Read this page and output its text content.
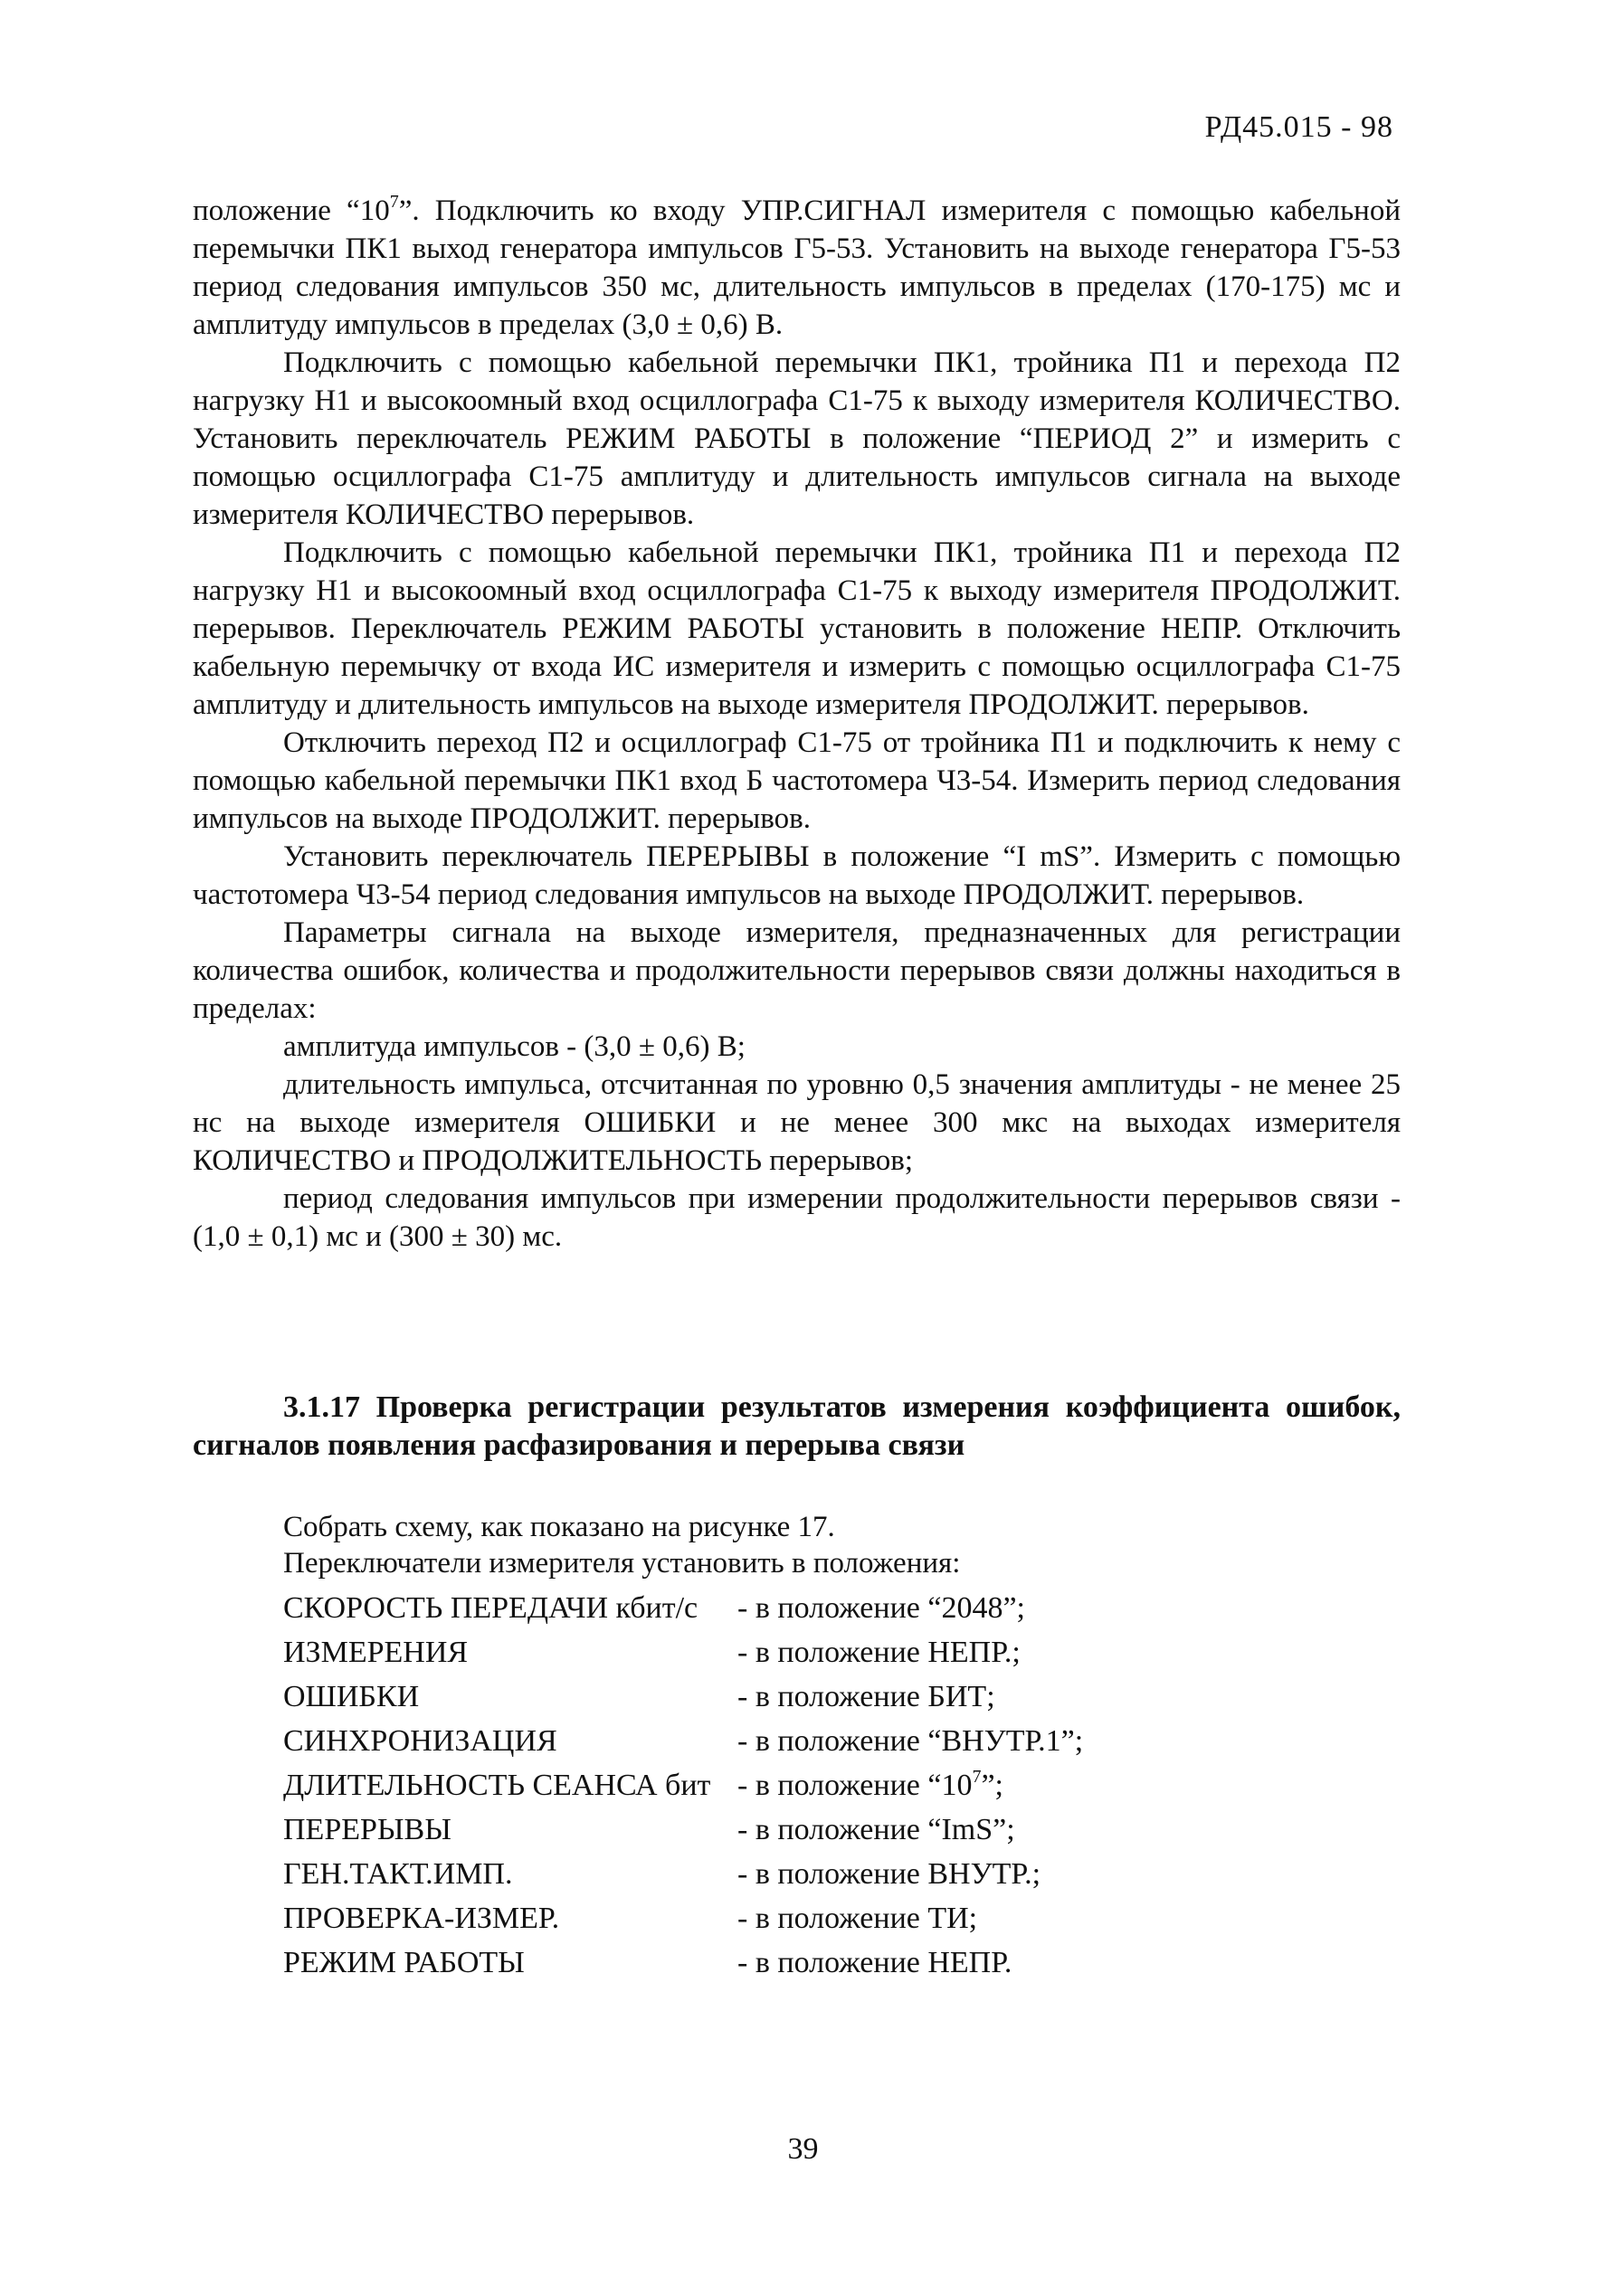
РД45.015 - 98

положение “$10^7$”. Подключить ко входу УПР.СИГНАЛ измерителя с помощью кабельной перемычки ПК1 выход генератора импульсов Г5-53. Установить на выходе генератора Г5-53 период следования импульсов 350 мс, длительность импульсов в пределах (170-175) мс и амплитуду импульсов в пределах (3,0 ± 0,6) В.

Подключить с помощью кабельной перемычки ПК1, тройника П1 и перехода П2 нагрузку Н1 и высокоомный вход осциллографа С1-75 к выходу измерителя КОЛИЧЕСТВО. Установить переключатель РЕЖИМ РАБОТЫ в положение “ПЕРИОД 2” и измерить с помощью осциллографа С1-75 амплитуду и длительность импульсов сигнала на выходе измерителя КОЛИЧЕСТВО перерывов.

Подключить с помощью кабельной перемычки ПК1, тройника П1 и перехода П2 нагрузку Н1 и высокоомный вход осциллографа С1-75 к выходу измерителя ПРОДОЛЖИТ. перерывов. Переключатель РЕЖИМ РАБОТЫ установить в положение НЕПР. Отключить кабельную перемычку от входа ИС измерителя и измерить с помощью осциллографа С1-75 амплитуду и длительность импульсов на выходе измерителя ПРОДОЛЖИТ. перерывов.

Отключить переход П2 и осциллограф С1-75 от тройника П1 и подключить к нему с помощью кабельной перемычки ПК1 вход Б частотомера Ч3-54. Измерить период следования импульсов на выходе ПРОДОЛЖИТ. перерывов.

Установить переключатель ПЕРЕРЫВЫ в положение “I mS”. Измерить с помощью частотомера Ч3-54 период следования импульсов на выходе ПРОДОЛЖИТ. перерывов.

Параметры сигнала на выходе измерителя, предназначенных для регистрации количества ошибок, количества и продолжительности перерывов связи должны находиться в пределах:

амплитуда импульсов - (3,0 ± 0,6) В;

длительность импульса, отсчитанная по уровню 0,5 значения амплитуды - не менее 25 нс на выходе измерителя ОШИБКИ и не менее 300 мкс на выходах измерителя КОЛИЧЕСТВО и ПРОДОЛЖИТЕЛЬНОСТЬ перерывов;

период следования импульсов при измерении продолжительности перерывов связи - (1,0 ± 0,1) мс и (300 ± 30) мс.

3.1.17 Проверка регистрации результатов измерения коэффициента ошибок, сигналов появления расфазирования и перерыва связи

Собрать схему, как показано на рисунке 17.

Переключатели измерителя установить в положения:

СКОРОСТЬ ПЕРЕДАЧИ кбит/с	- в положение “2048”;
ИЗМЕРЕНИЯ	- в положение НЕПР.;
ОШИБКИ	- в положение БИТ;
СИНХРОНИЗАЦИЯ	- в положение “ВНУТР.1”;
ДЛИТЕЛЬНОСТЬ СЕАНСА бит - в положение “$10^7$”;
ПЕРЕРЫВЫ	- в положение “ImS”;
ГЕН.ТАКТ.ИМП.	- в положение ВНУТР.;
ПРОВЕРКА-ИЗМЕР.	- в положение ТИ;
РЕЖИМ РАБОТЫ	- в положение НЕПР.
39
